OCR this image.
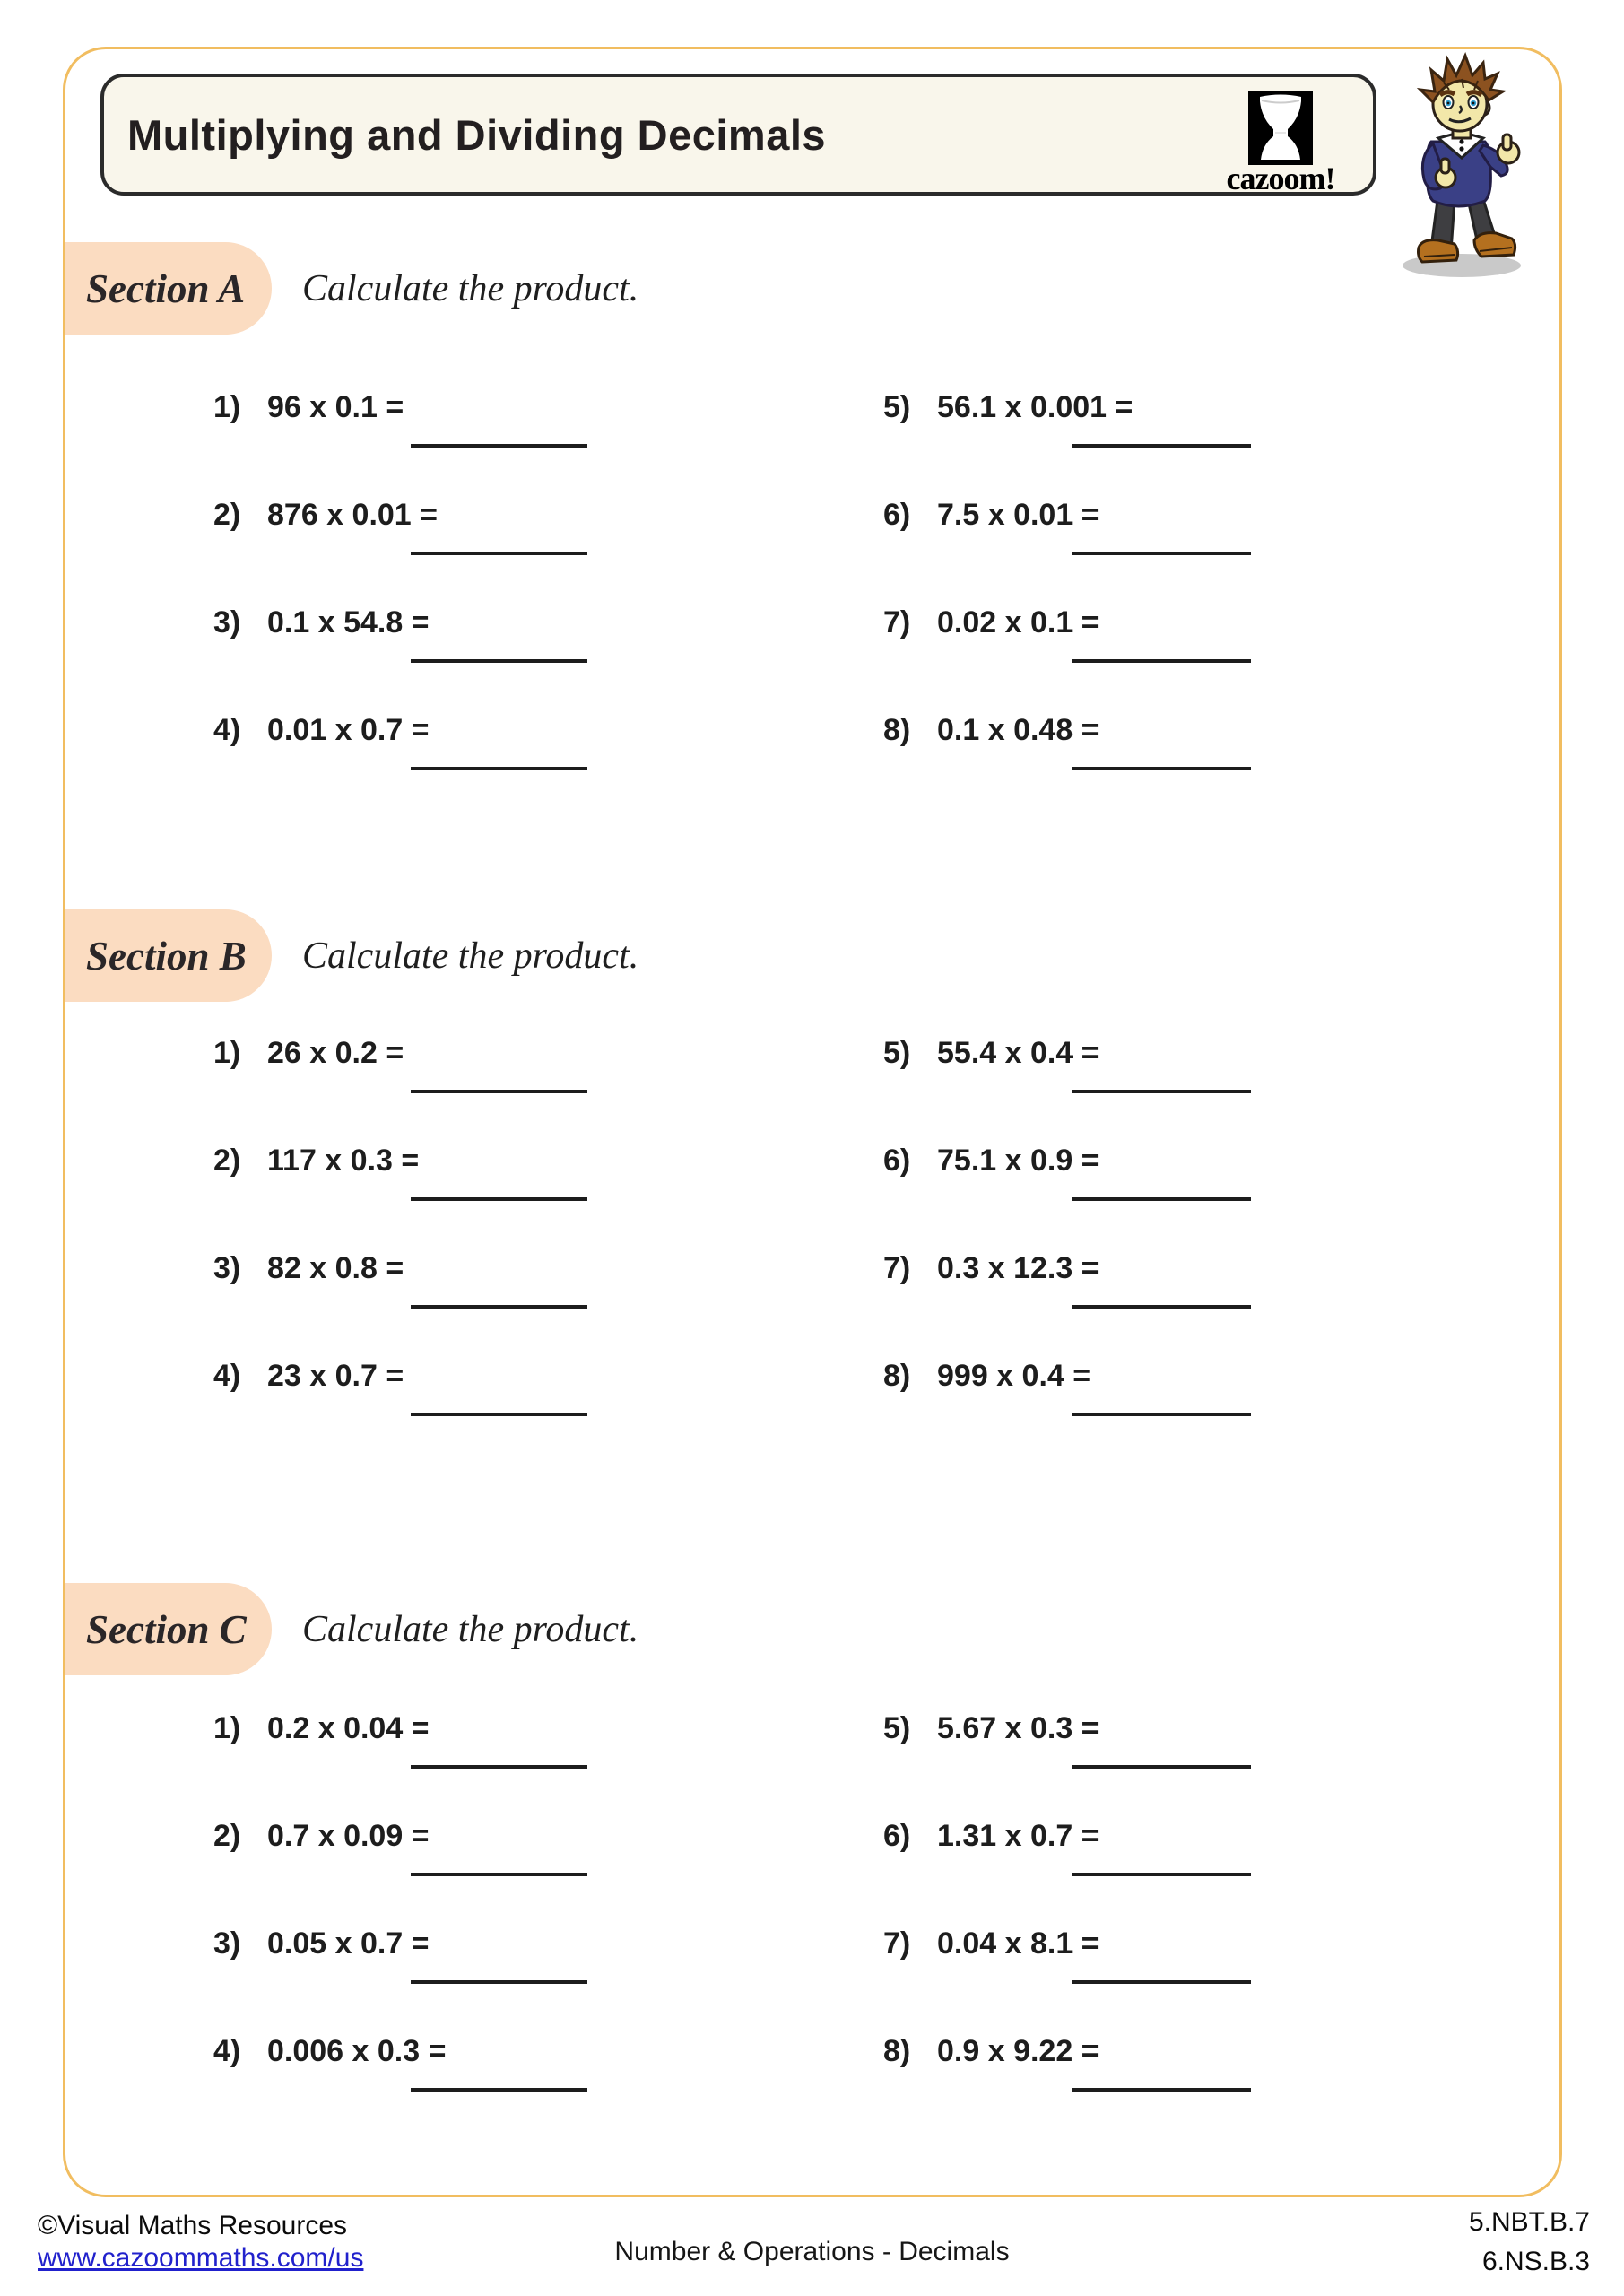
Multiplying and Dividing Decimals
cazoom!
Section A Calculate the product.
1) 96 x 0.1 =
2) 876 x 0.01 =
3) 0.1 x 54.8 =
4) 0.01 x 0.7 =
5) 56.1 x 0.001 =
6) 7.5 x 0.01 =
7) 0.02 x 0.1 =
8) 0.1 x 0.48 =
Section B Calculate the product.
1) 26 x 0.2 =
2) 117 x 0.3 =
3) 82 x 0.8 =
4) 23 x 0.7 =
5) 55.4 x 0.4 =
6) 75.1 x 0.9 =
7) 0.3 x 12.3 =
8) 999 x 0.4 =
Section C Calculate the product.
1) 0.2 x 0.04 =
2) 0.7 x 0.09 =
3) 0.05 x 0.7 =
4) 0.006 x 0.3 =
5) 5.67 x 0.3 =
6) 1.31 x 0.7 =
7) 0.04 x 8.1 =
8) 0.9 x 9.22 =
©Visual Maths Resources
www.cazoommaths.com/us	Number & Operations - Decimals
5.NBT.B.7
6.NS.B.3
